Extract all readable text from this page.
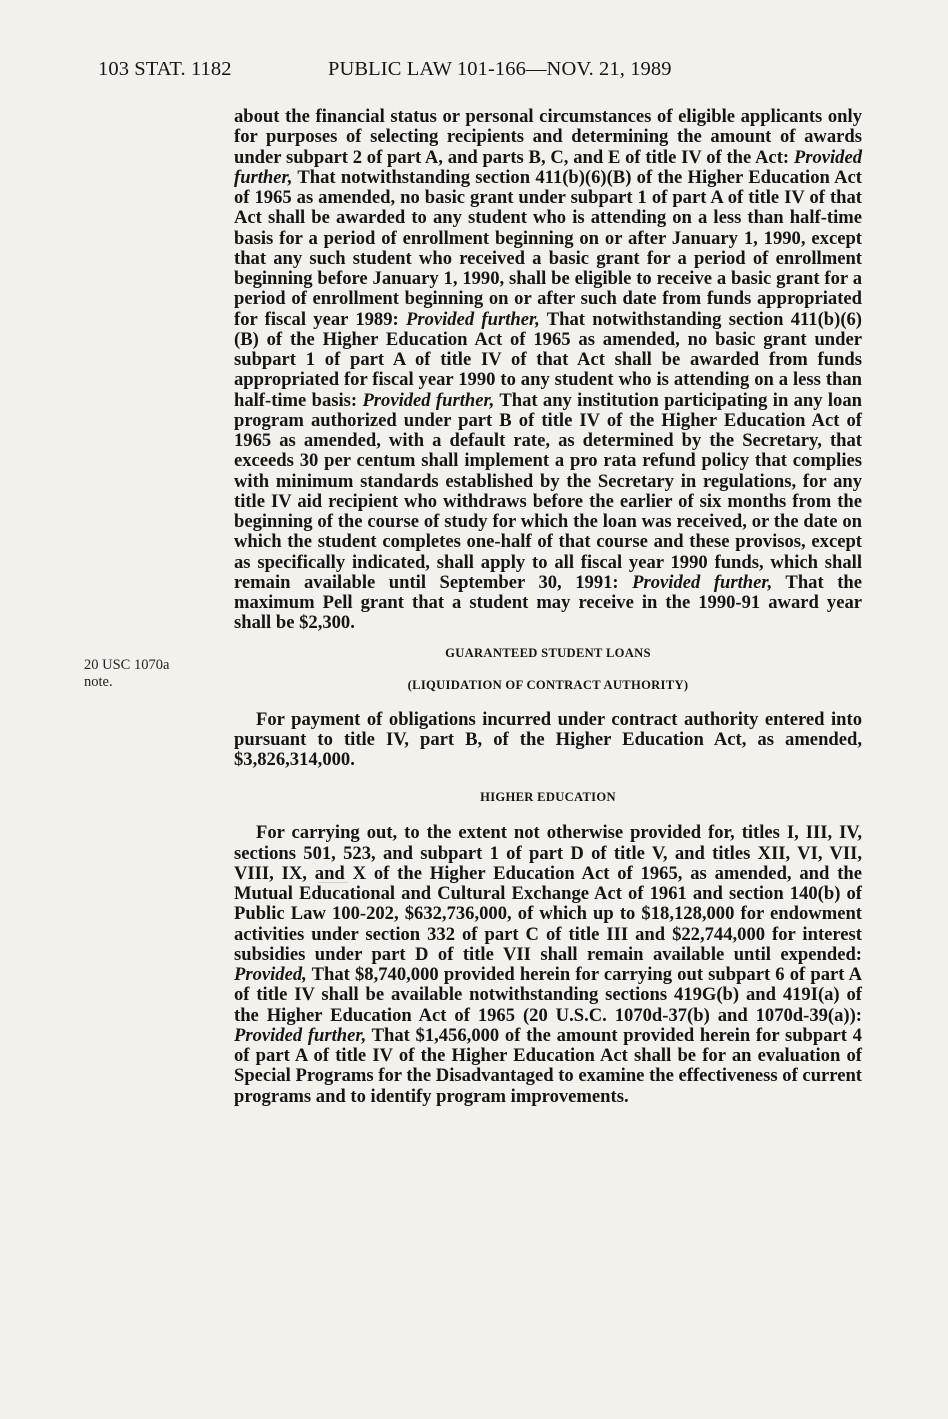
103 STAT. 1182	PUBLIC LAW 101-166—NOV. 21, 1989
20 USC 1070a
note.

about the financial status or personal circumstances of eligible applicants only for purposes of selecting recipients and determining the amount of awards under subpart 2 of part A, and parts B, C, and E of title IV of the Act: Provided further, That notwithstanding section 411(b)(6)(B) of the Higher Education Act of 1965 as amended, no basic grant under subpart 1 of part A of title IV of that Act shall be awarded to any student who is attending on a less than half-time basis for a period of enrollment beginning on or after January 1, 1990, except that any such student who received a basic grant for a period of enrollment beginning before January 1, 1990, shall be eligible to receive a basic grant for a period of enrollment beginning on or after such date from funds appropriated for fiscal year 1989: Provided further, That notwithstanding section 411(b)(6)(B) of the Higher Education Act of 1965 as amended, no basic grant under subpart 1 of part A of title IV of that Act shall be awarded from funds appropriated for fiscal year 1990 to any student who is attending on a less than half-time basis: Provided further, That any institution participating in any loan program authorized under part B of title IV of the Higher Education Act of 1965 as amended, with a default rate, as determined by the Secretary, that exceeds 30 per centum shall implement a pro rata refund policy that complies with minimum standards established by the Secretary in regulations, for any title IV aid recipient who withdraws before the earlier of six months from the beginning of the course of study for which the loan was received, or the date on which the student completes one-half of that course and these provisos, except as specifically indicated, shall apply to all fiscal year 1990 funds, which shall remain available until September 30, 1991: Provided further, That the maximum Pell grant that a student may receive in the 1990-91 award year shall be $2,300.

GUARANTEED STUDENT LOANS

(LIQUIDATION OF CONTRACT AUTHORITY)

For payment of obligations incurred under contract authority entered into pursuant to title IV, part B, of the Higher Education Act, as amended, $3,826,314,000.

HIGHER EDUCATION

For carrying out, to the extent not otherwise provided for, titles I, III, IV, sections 501, 523, and subpart 1 of part D of title V, and titles XII, VI, VII, VIII, IX, and X of the Higher Education Act of 1965, as amended, and the Mutual Educational and Cultural Exchange Act of 1961 and section 140(b) of Public Law 100-202, $632,736,000, of which up to $18,128,000 for endowment activities under section 332 of part C of title III and $22,744,000 for interest subsidies under part D of title VII shall remain available until expended: Provided, That $8,740,000 provided herein for carrying out subpart 6 of part A of title IV shall be available notwithstanding sections 419G(b) and 419I(a) of the Higher Education Act of 1965 (20 U.S.C. 1070d-37(b) and 1070d-39(a)): Provided further, That $1,456,000 of the amount provided herein for subpart 4 of part A of title IV of the Higher Education Act shall be for an evaluation of Special Programs for the Disadvantaged to examine the effectiveness of current programs and to identify program improvements.
